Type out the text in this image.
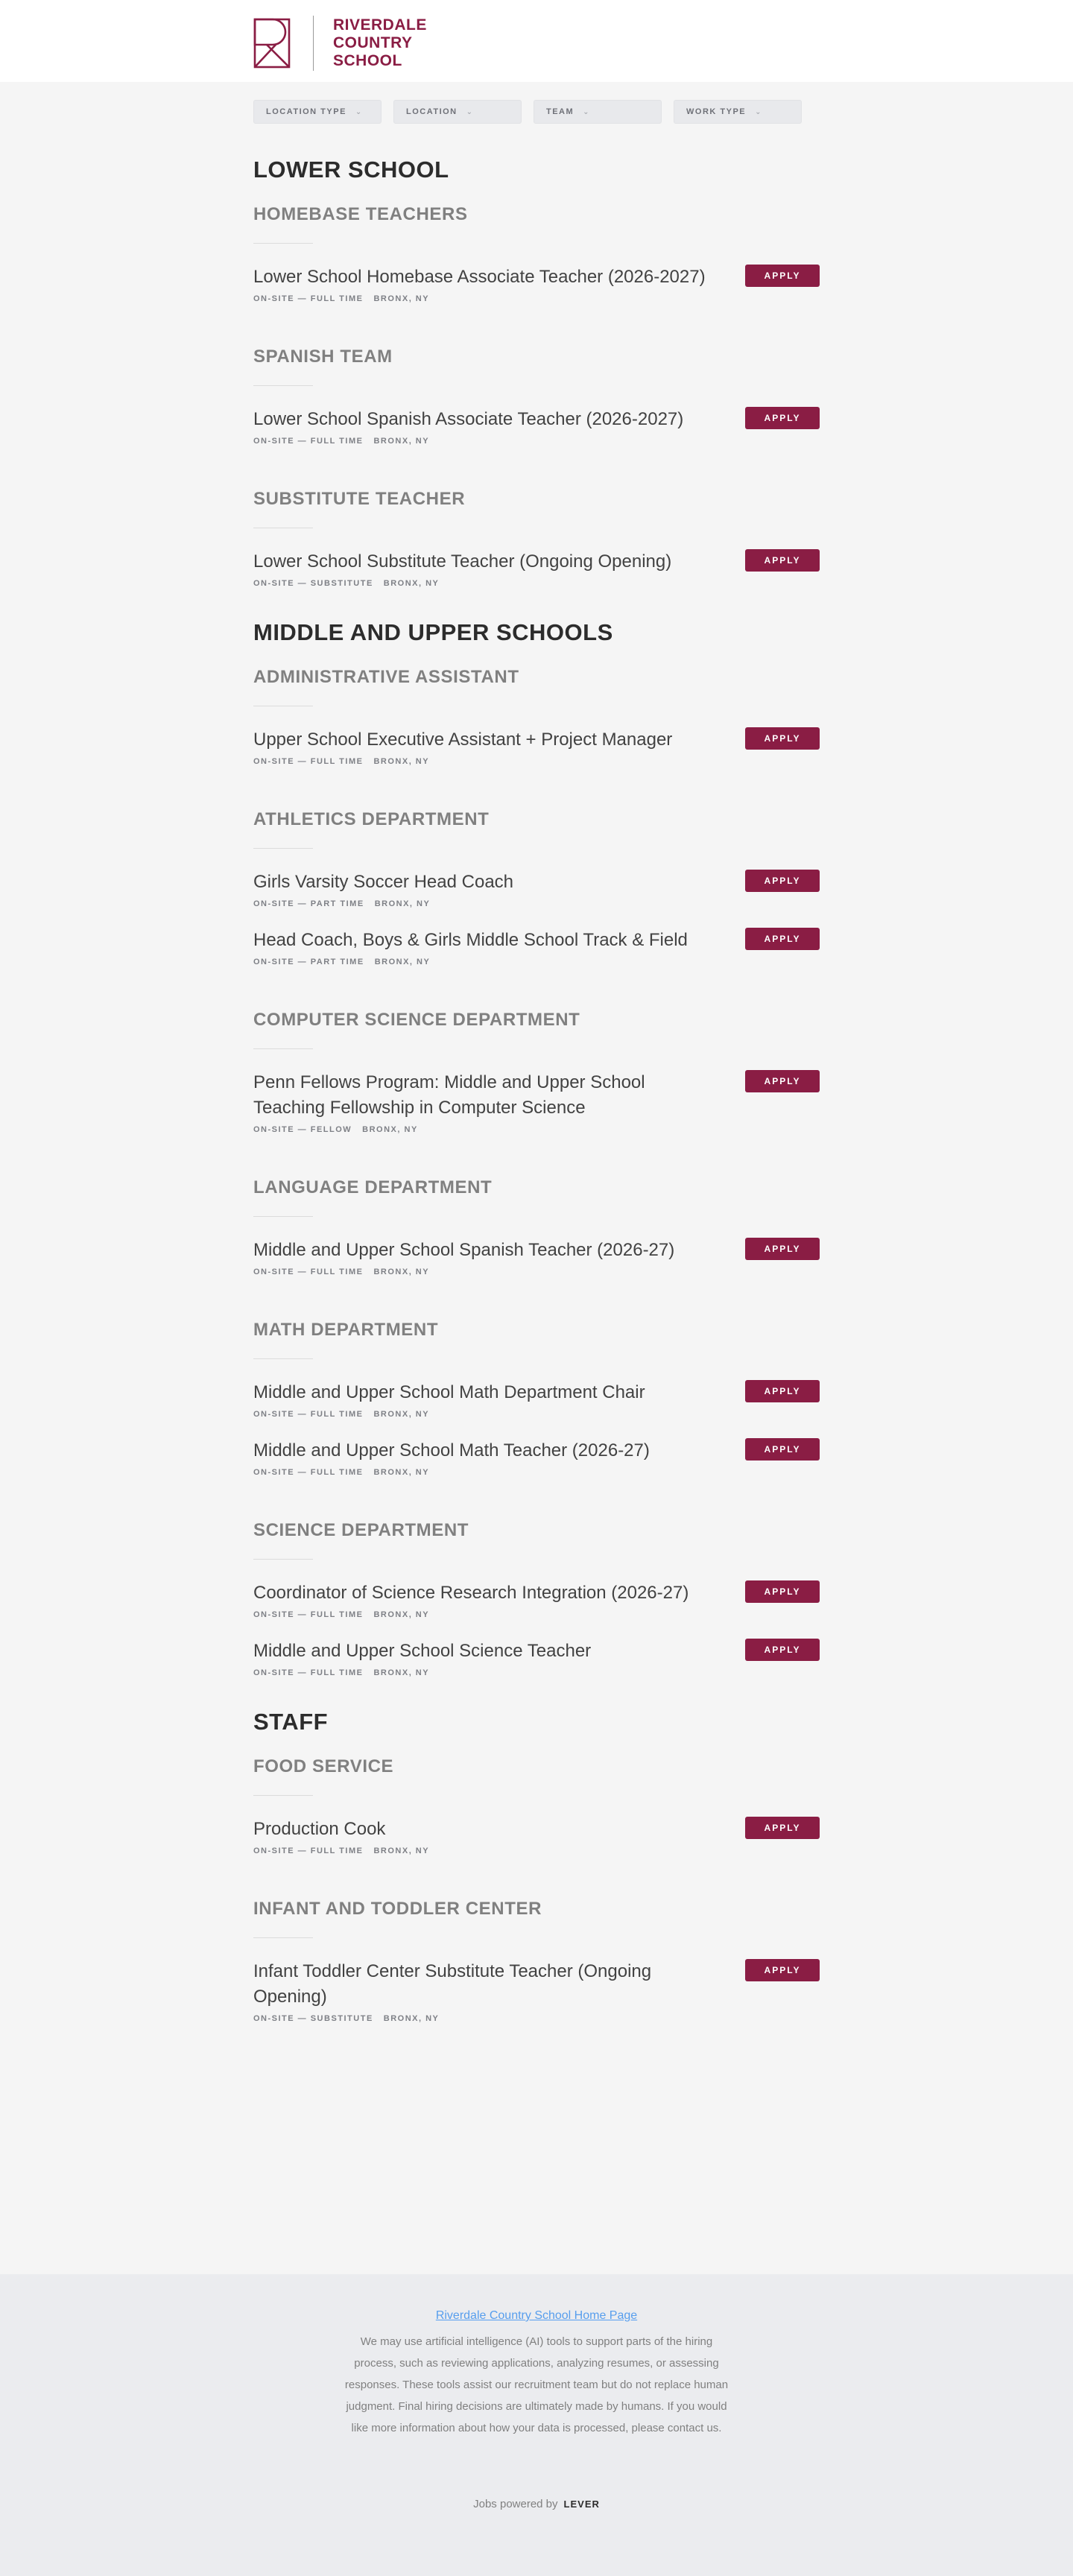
RIVERDALE
COUNTRY
SCHOOL
LOCATION TYPE ⌄	LOCATION ⌄	TEAM ⌄	WORK TYPE ⌄
LOWER SCHOOL
HOMEBASE TEACHERS
Lower School Homebase Associate Teacher (2026-2027)
ON-SITE — FULL TIME BRONX, NY
APPLY
SPANISH TEAM
Lower School Spanish Associate Teacher (2026-2027)
ON-SITE — FULL TIME BRONX, NY
APPLY
SUBSTITUTE TEACHER
Lower School Substitute Teacher (Ongoing Opening)
ON-SITE — SUBSTITUTE BRONX, NY
APPLY
MIDDLE AND UPPER SCHOOLS
ADMINISTRATIVE ASSISTANT
Upper School Executive Assistant + Project Manager
ON-SITE — FULL TIME BRONX, NY
APPLY
ATHLETICS DEPARTMENT
Girls Varsity Soccer Head Coach
ON-SITE — PART TIME BRONX, NY
APPLY
Head Coach, Boys & Girls Middle School Track & Field
ON-SITE — PART TIME BRONX, NY
APPLY
COMPUTER SCIENCE DEPARTMENT
Penn Fellows Program: Middle and Upper School Teaching Fellowship in Computer Science
ON-SITE — FELLOW BRONX, NY
APPLY
LANGUAGE DEPARTMENT
Middle and Upper School Spanish Teacher (2026-27)
ON-SITE — FULL TIME BRONX, NY
APPLY
MATH DEPARTMENT
Middle and Upper School Math Department Chair
ON-SITE — FULL TIME BRONX, NY
APPLY
Middle and Upper School Math Teacher (2026-27)
ON-SITE — FULL TIME BRONX, NY
APPLY
SCIENCE DEPARTMENT
Coordinator of Science Research Integration (2026-27)
ON-SITE — FULL TIME BRONX, NY
APPLY
Middle and Upper School Science Teacher
ON-SITE — FULL TIME BRONX, NY
APPLY
STAFF
FOOD SERVICE
Production Cook
ON-SITE — FULL TIME BRONX, NY
APPLY
INFANT AND TODDLER CENTER
Infant Toddler Center Substitute Teacher (Ongoing Opening)
ON-SITE — SUBSTITUTE BRONX, NY
APPLY
Riverdale Country School Home Page
We may use artificial intelligence (AI) tools to support parts of the hiring process, such as reviewing applications, analyzing resumes, or assessing responses. These tools assist our recruitment team but do not replace human judgment. Final hiring decisions are ultimately made by humans. If you would like more information about how your data is processed, please contact us.
Jobs powered by LEVER
